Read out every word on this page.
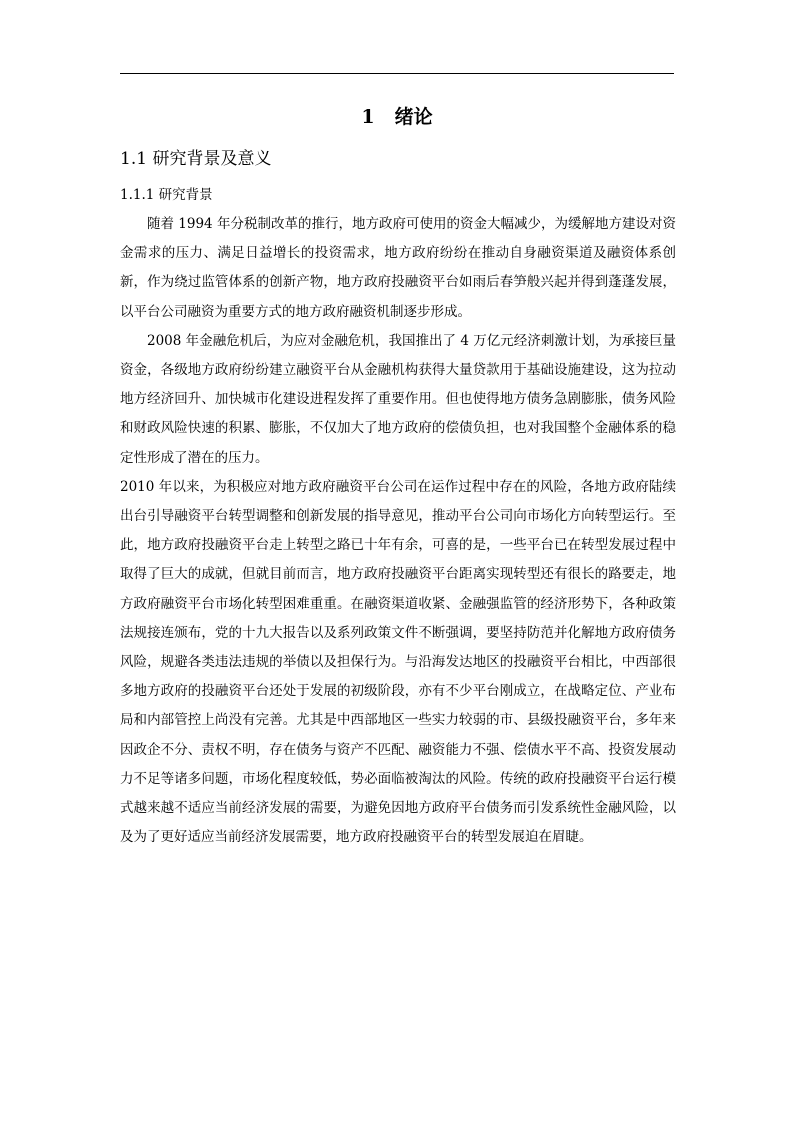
1 绪论
1.1 研究背景及意义
1.1.1 研究背景

随着 1994 年分税制改革的推行，地方政府可使用的资金大幅减少，为缓解地方建设对资金需求的压力、满足日益增长的投资需求，地方政府纷纷在推动自身融资渠道及融资体系创新，作为绕过监管体系的创新产物，地方政府投融资平台如雨后春笋般兴起并得到蓬蓬发展，以平台公司融资为重要方式的地方政府融资机制逐步形成。

2008 年金融危机后，为应对金融危机，我国推出了 4 万亿元经济刺激计划，为承接巨量资金，各级地方政府纷纷建立融资平台从金融机构获得大量贷款用于基础设施建设，这为拉动地方经济回升、加快城市化建设进程发挥了重要作用。但也使得地方债务急剧膨胀，债务风险和财政风险快速的积累、膨胀，不仅加大了地方政府的偿债负担，也对我国整个金融体系的稳定性形成了潜在的压力。

2010 年以来，为积极应对地方政府融资平台公司在运作过程中存在的风险，各地方政府陆续出台引导融资平台转型调整和创新发展的指导意见，推动平台公司向市场化方向转型运行。至此，地方政府投融资平台走上转型之路已十年有余，可喜的是，一些平台已在转型发展过程中取得了巨大的成就，但就目前而言，地方政府投融资平台距离实现转型还有很长的路要走，地方政府融资平台市场化转型困难重重。在融资渠道收紧、金融强监管的经济形势下，各种政策法规接连颁布，党的十九大报告以及系列政策文件不断强调，要坚持防范并化解地方政府债务风险，规避各类违法违规的举债以及担保行为。与沿海发达地区的投融资平台相比，中西部很多地方政府的投融资平台还处于发展的初级阶段，亦有不少平台刚成立，在战略定位、产业布局和内部管控上尚没有完善。尤其是中西部地区一些实力较弱的市、县级投融资平台，多年来因政企不分、责权不明，存在债务与资产不匹配、融资能力不强、偿债水平不高、投资发展动力不足等诸多问题，市场化程度较低，势必面临被淘汰的风险。传统的政府投融资平台运行模式越来越不适应当前经济发展的需要，为避免因地方政府平台债务而引发系统性金融风险，以及为了更好适应当前经济发展需要，地方政府投融资平台的转型发展迫在眉睫。
